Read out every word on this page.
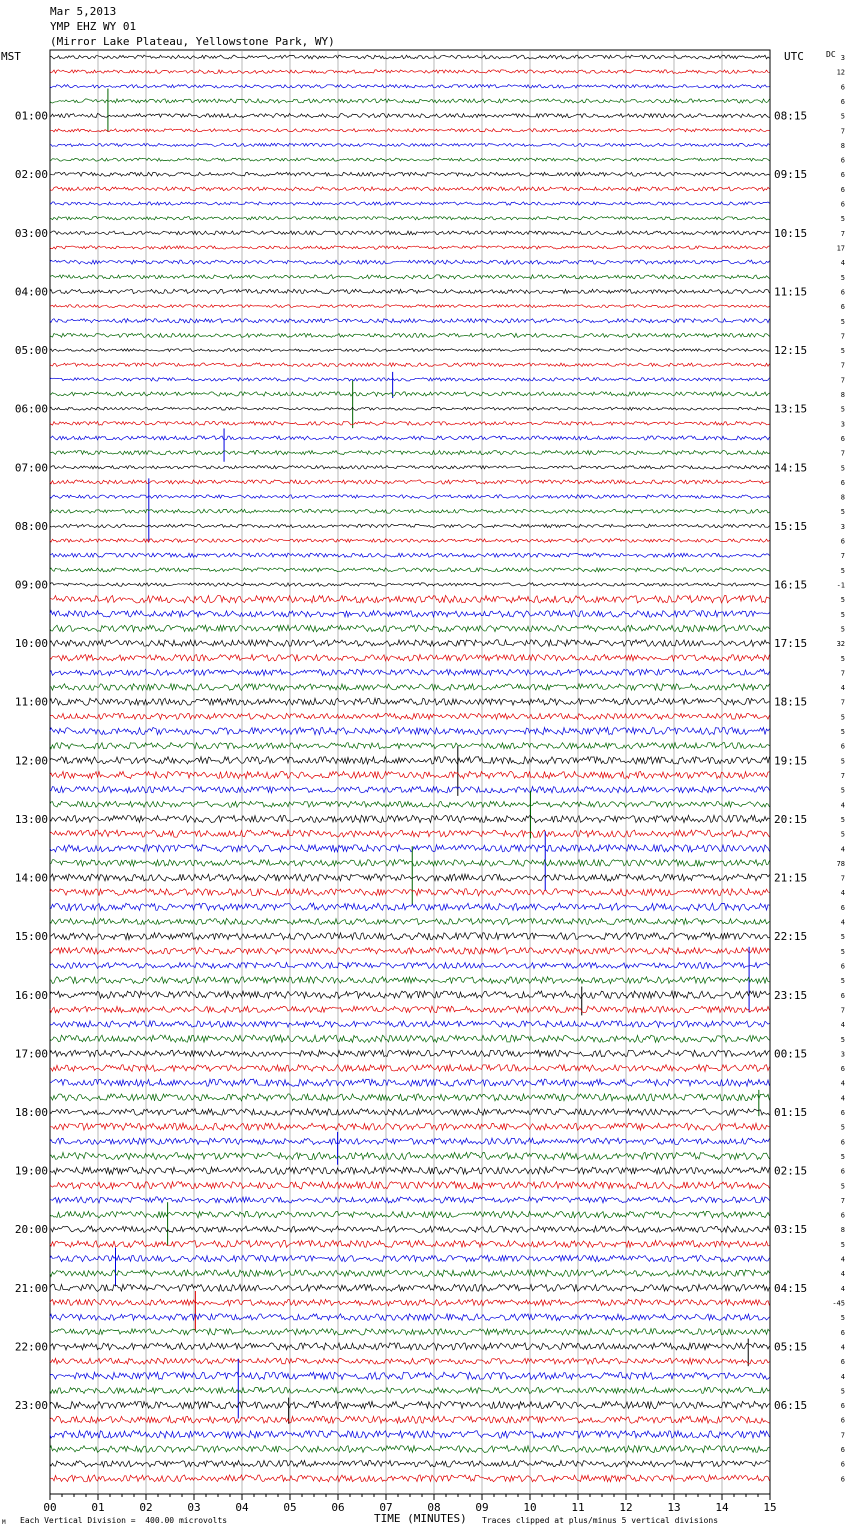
Mar 5,2013
YMP EHZ WY 01
(Mirror Lake Plateau, Yellowstone Park, WY)
MST	UTC	DC
00	01	02	03	04	05	06	07	08	09	10	11	12	13	14	15
3
12
6
6
5
7
8
6
6
6
6
5
7
17
4
5
6
6
5
7
5
7
7
8
5
3
6
7
5
6
8
5
3
6
7
5
-1
5
5
5
32
5
7
4
7
5
5
6
5
7
5
4
5
5
4
78
7
4
6
4
5
5
6
5
6
7
4
5
3
6
4
4
6
5
6
5
6
5
7
6
8
5
4
4
4
-45
5
6
4
6
4
5
6
6
7
6
6
6
01:00	08:15
02:00	09:15
03:00	10:15
04:00	11:15
05:00	12:15
06:00	13:15
07:00	14:15
08:00	15:15
09:00	16:15
10:00	17:15
11:00	18:15
12:00	19:15
13:00	20:15
14:00	21:15
15:00	22:15
16:00	23:15
17:00	00:15
18:00	01:15
19:00	02:15
20:00	03:15
21:00	04:15
22:00	05:15
23:00	06:15
Each Vertical Division =  400.00 microvolts
M	Traces clipped at plus/minus 5 vertical divisions
TIME (MINUTES)
